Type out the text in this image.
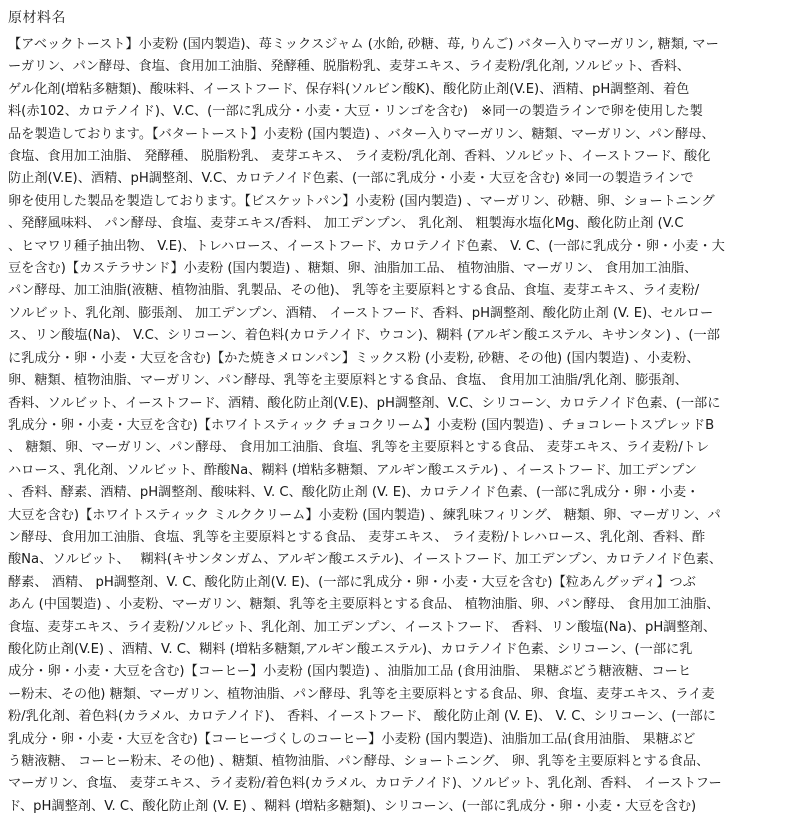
原材料名
【アベックトースト】小麦粉 (国内製造)、苺ミックスジャム (水飴, 砂糖、苺, りんご) バター入りマーガリン, 糖類, マー
ーガリン、パン酵母、食塩、食用加工油脂、発酵種、脱脂粉乳、麦芽エキス、ライ麦粉/乳化剤, ソルビット、香料、
ゲル化剤(増粘多糖類)、酸味料、イーストフード、保存料(ソルビン酸K)、酸化防止剤(V.E)、酒精、pH調整剤、着色
料(赤102、カロテノイド)、V.C、(一部に乳成分・小麦・大豆・リンゴを含む)　※同一の製造ラインで卵を使用した製
品を製造しております。【バタートースト】小麦粉 (国内製造) 、バター入りマーガリン、糖類、マーガリン、パン酵母、
食塩、食用加工油脂、 発酵種、 脱脂粉乳、 麦芽エキス、 ライ麦粉/乳化剤、香料、ソルビット、イーストフード、酸化
防止剤(V.E)、酒精、pH調整剤、V.C、カロテノイド色素、(一部に乳成分・小麦・大豆を含む) ※同一の製造ラインで
卵を使用した製品を製造しております。【ビスケットパン】小麦粉 (国内製造) 、マーガリン、砂糖、卵、ショートニング
、発酵風味料、 パン酵母、食塩、麦芽エキス/香料、 加工デンプン、 乳化剤、 粗製海水塩化Mg、酸化防止剤 (V.C
、ヒマワリ種子抽出物、 V.E)、トレハロース、イーストフード、カロテノイド色素、 V. C、(一部に乳成分・卵・小麦・大
豆を含む)【カステラサンド】小麦粉 (国内製造) 、糖類、卵、油脂加工品、 植物油脂、マーガリン、 食用加工油脂、
パン酵母、加工油脂(液糖、植物油脂、乳製品、その他)、 乳等を主要原料とする食品、食塩、麦芽エキス、ライ麦粉/
ソルビット、乳化剤、膨張剤、 加工デンプン、酒精、 イーストフード、香料、pH調整剤、酸化防止剤 (V. E)、セルロー
ス、リン酸塩(Na)、 V.C、シリコーン、着色料(カロテノイド、ウコン)、糊料 (アルギン酸エステル、キサンタン) 、(一部
に乳成分・卵・小麦・大豆を含む)【かた焼きメロンパン】ミックス粉 (小麦粉, 砂糖、その他) (国内製造) 、小麦粉、
卵、糖類、植物油脂、マーガリン、パン酵母、乳等を主要原料とする食品、食塩、 食用加工油脂/乳化剤、膨張剤、
香料、ソルビット、イーストフード、酒精、酸化防止剤(V.E)、pH調整剤、V.C、シリコーン、カロテノイド色素、(一部に
乳成分・卵・小麦・大豆を含む)【ホワイトスティック チョコクリーム】小麦粉 (国内製造) 、チョコレートスプレッドB
、 糖類、卵、マーガリン、パン酵母、 食用加工油脂、食塩、乳等を主要原料とする食品、 麦芽エキス、ライ麦粉/トレ
ハロース、乳化剤、ソルビット、酢酸Na、糊料 (増粘多糖類、アルギン酸エステル) 、イーストフード、加工デンプン
、香料、酵素、酒精、pH調整剤、酸味料、V. C、酸化防止剤 (V. E)、カロテノイド色素、(一部に乳成分・卵・小麦・
大豆を含む)【ホワイトスティック ミルククリーム】小麦粉 (国内製造) 、練乳味フィリング、 糖類、卵、マーガリン、パ
ン酵母、食用加工油脂、食塩、乳等を主要原料とする食品、 麦芽エキス、 ライ麦粉/トレハロース、乳化剤、香料、酢
酸Na、ソルビット、　 糊料(キサンタンガム、アルギン酸エステル)、イーストフード、加工デンプン、カロテノイド色素、
酵素、 酒精、 pH調整剤、V. C、酸化防止剤(V. E)、(一部に乳成分・卵・小麦・大豆を含む)【粒あんグッディ】つぶ
あん (中国製造) 、小麦粉、マーガリン、糖類、乳等を主要原料とする食品、 植物油脂、卵、パン酵母、 食用加工油脂、
食塩、麦芽エキス、ライ麦粉/ソルビット、乳化剤、加工デンプン、イーストフード、 香料、リン酸塩(Na)、pH調整剤、
酸化防止剤(V.E) 、酒精、V. C、糊料 (増粘多糖類,アルギン酸エステル)、カロテノイド色素、シリコーン、(一部に乳
成分・卵・小麦・大豆を含む)【コーヒー】小麦粉 (国内製造) 、油脂加工品 (食用油脂、 果糖ぶどう糖液糖、コーヒ
ー粉末、その他) 糖類、マーガリン、植物油脂、パン酵母、乳等を主要原料とする食品、卵、食塩、麦芽エキス、ライ麦
粉/乳化剤、着色料(カラメル、カロテノイド)、 香料、イーストフード、 酸化防止剤 (V. E)、 V. C、シリコーン、(一部に
乳成分・卵・小麦・大豆を含む)【コーヒーづくしのコーヒー】小麦粉 (国内製造)、油脂加工品(食用油脂、 果糖ぶど
う糖液糖、 コーヒー粉末、その他) 、糖類、植物油脂、パン酵母、ショートニング、 卵、乳等を主要原料とする食品、
マーガリン、食塩、 麦芽エキス、ライ麦粉/着色料(カラメル、カロテノイド)、ソルビット、乳化剤、香料、 イーストフー
ド、pH調整剤、V. C、酸化防止剤 (V. E) 、糊料 (増粘多糖類)、シリコーン、(一部に乳成分・卵・小麦・大豆を含む)
